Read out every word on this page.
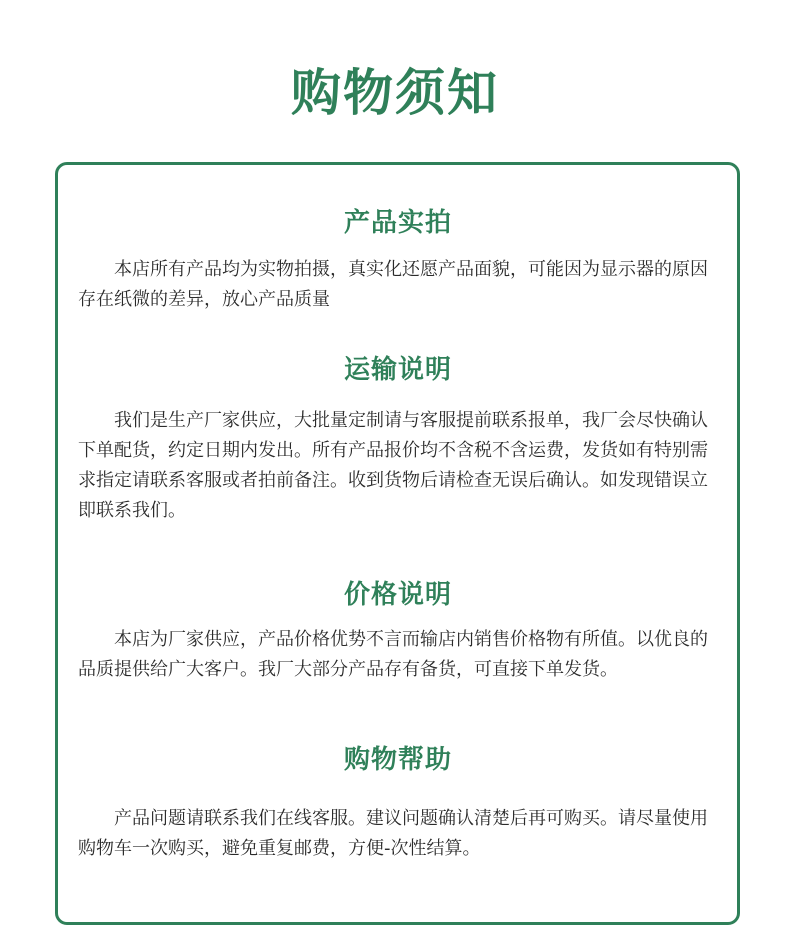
购物须知
产品实拍

本店所有产品均为实物拍摄，真实化还愿产品面貌，可能因为显示器的原因存在纸微的差异，放心产品质量

运输说明

我们是生产厂家供应，大批量定制请与客服提前联系报单，我厂会尽快确认下单配货，约定日期内发出。所有产品报价均不含税不含运费，发货如有特别需求指定请联系客服或者拍前备注。收到货物后请检查无误后确认。如发现错误立即联系我们。

价格说明

本店为厂家供应，产品价格优势不言而输店内销售价格物有所值。以优良的品质提供给广大客户。我厂大部分产品存有备货，可直接下单发货。

购物帮助

产品问题请联系我们在线客服。建议问题确认清楚后再可购买。请尽量使用购物车一次购买，避免重复邮费，方便-次性结算。
